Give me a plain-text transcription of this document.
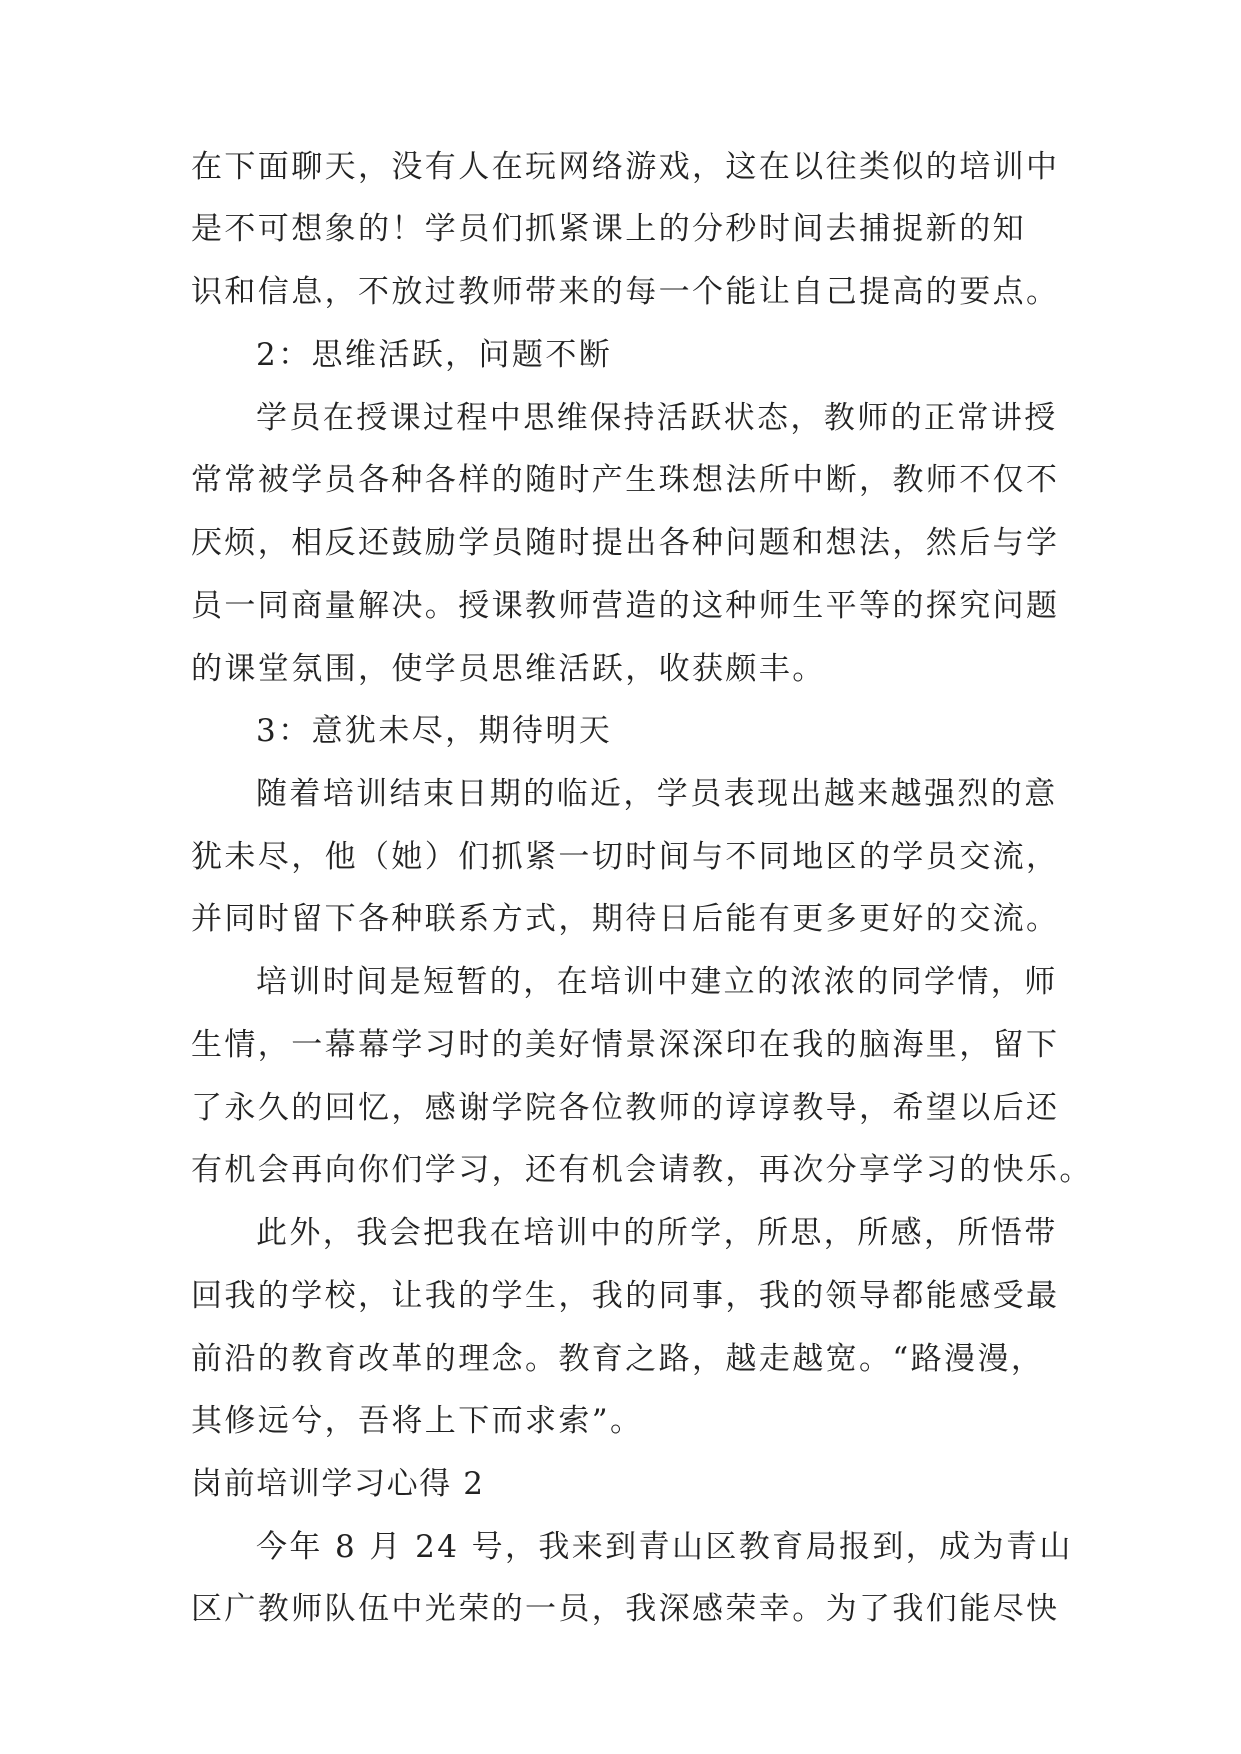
在下面聊天，没有人在玩网络游戏，这在以往类似的培训中
是不可想象的！学员们抓紧课上的分秒时间去捕捉新的知
识和信息，不放过教师带来的每一个能让自己提高的要点。
2：思维活跃，问题不断
学员在授课过程中思维保持活跃状态，教师的正常讲授
常常被学员各种各样的随时产生珠想法所中断，教师不仅不
厌烦，相反还鼓励学员随时提出各种问题和想法，然后与学
员一同商量解决。授课教师营造的这种师生平等的探究问题
的课堂氛围，使学员思维活跃，收获颇丰。
3：意犹未尽，期待明天
随着培训结束日期的临近，学员表现出越来越强烈的意
犹未尽，他（她）们抓紧一切时间与不同地区的学员交流，
并同时留下各种联系方式，期待日后能有更多更好的交流。
培训时间是短暂的，在培训中建立的浓浓的同学情，师
生情，一幕幕学习时的美好情景深深印在我的脑海里，留下
了永久的回忆，感谢学院各位教师的谆谆教导，希望以后还
有机会再向你们学习，还有机会请教，再次分享学习的快乐。
此外，我会把我在培训中的所学，所思，所感，所悟带
回我的学校，让我的学生，我的同事，我的领导都能感受最
前沿的教育改革的理念。教育之路，越走越宽。“路漫漫，
其修远兮，吾将上下而求索”。
岗前培训学习心得 2
今年 8 月 24 号，我来到青山区教育局报到，成为青山
区广教师队伍中光荣的一员，我深感荣幸。为了我们能尽快
